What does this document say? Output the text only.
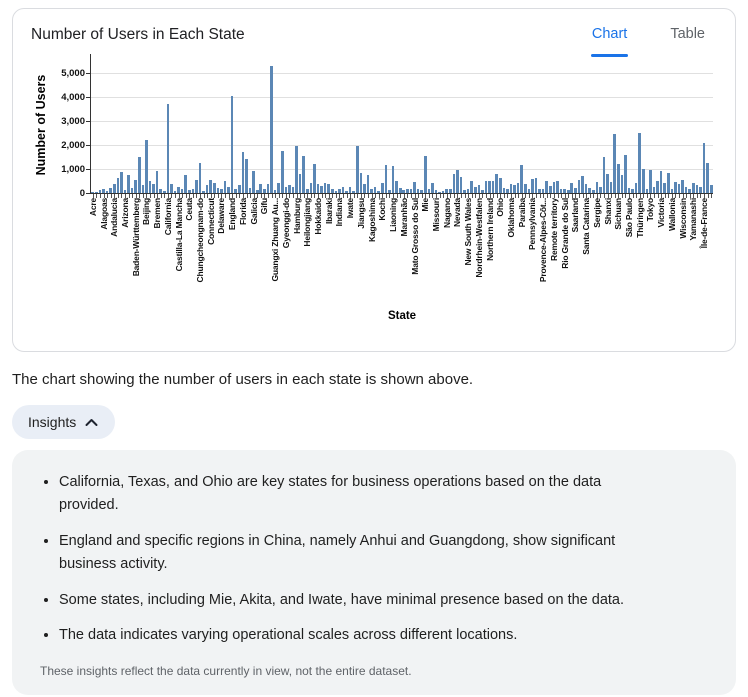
Number of Users in Each State	Chart	Table
Number of Users
State
0
1,000
2,000
3,000
4,000
5,000
Acre Alagoas Andalucia Arizona Baden-Württemberg Beijing Bremen California Castilla-La Mancha Ceuta Chungcheongnam-do Connecticut Delaware England Florida Galicia Gifu Guangxi Zhuang Au... Gyeonggi-do Hamburg Heilongjiang Hokkaido Ibaraki Indiana Iwate Jiangsu Kagoshima Kochi Liaoning Maranhão Mato Grosso do Sul Mie Missouri Nagano Nevada New South Wales Nordrhein-Westfalen Northern Ireland Ohio Oklahoma Paraíba Pennsylvania Provence-Alpes-Côt... Remote territory Rio Grande do Sul Saarland Santa Catarina Sergipe Shanxi Sichuan São Paulo Thüringen Tokyo Victoria Wallonia Wisconsin Yamanashi Île-de-France

The chart showing the number of users in each state is shown above.

Insights
• California, Texas, and Ohio are key states for business operations based on the data provided.
• England and specific regions in China, namely Anhui and Guangdong, show significant business activity.
• Some states, including Mie, Akita, and Iwate, have minimal presence based on the data.
• The data indicates varying operational scales across different locations.
These insights reflect the data currently in view, not the entire dataset.
